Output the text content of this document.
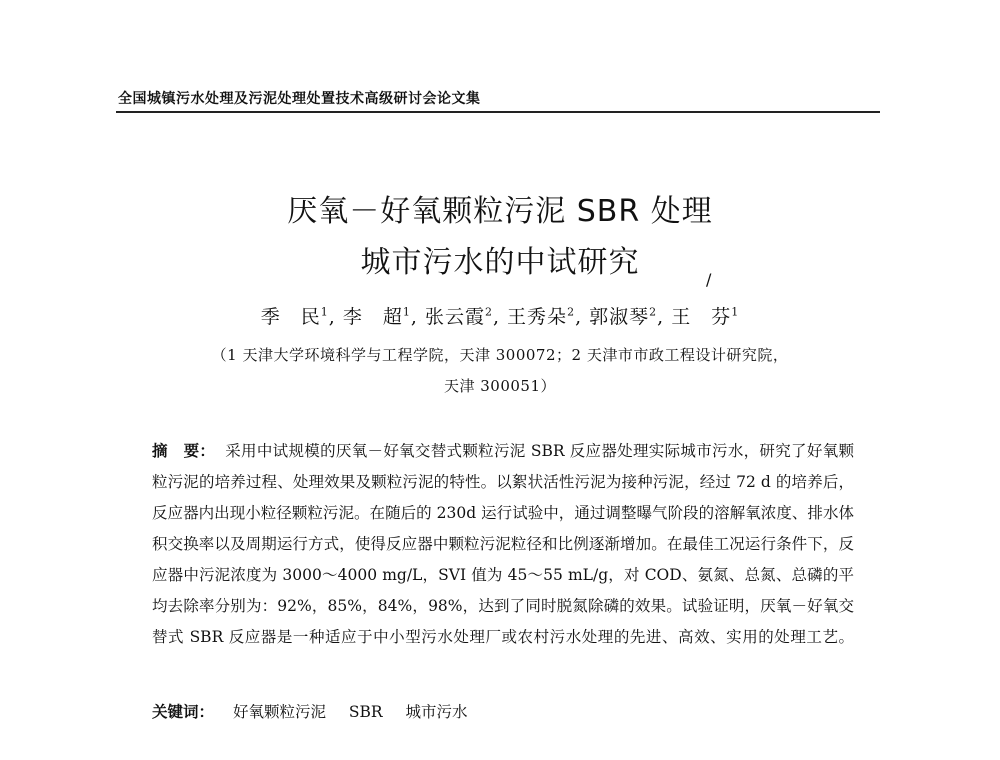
全国城镇污水处理及污泥处理处置技术高级研讨会论文集
厌氧－好氧颗粒污泥 SBR 处理
城市污水的中试研究	/
季　民$^1$, 李　超$^1$, 张云霞$^2$, 王秀朵$^2$, 郭淑琴$^2$, 王　芬$^1$
（1 天津大学环境科学与工程学院，天津 300072；2 天津市市政工程设计研究院，
天津 300051）
摘　要： 采用中试规模的厌氧－好氧交替式颗粒污泥 SBR 反应器处理实际城市污水，研究了好氧颗粒污泥的培养过程、处理效果及颗粒污泥的特性。以絮状活性污泥为接种污泥，经过 72 d 的培养后，反应器内出现小粒径颗粒污泥。在随后的 230d 运行试验中，通过调整曝气阶段的溶解氧浓度、排水体积交换率以及周期运行方式，使得反应器中颗粒污泥粒径和比例逐渐增加。在最佳工况运行条件下，反应器中污泥浓度为 3000～4000 mg/L，SVI 值为 45～55 mL/g，对 COD、氨氮、总氮、总磷的平均去除率分别为：92%，85%，84%，98%，达到了同时脱氮除磷的效果。试验证明，厌氧－好氧交替式 SBR 反应器是一种适应于中小型污水处理厂或农村污水处理的先进、高效、实用的处理工艺。
关键词： 好氧颗粒污泥 SBR 城市污水
